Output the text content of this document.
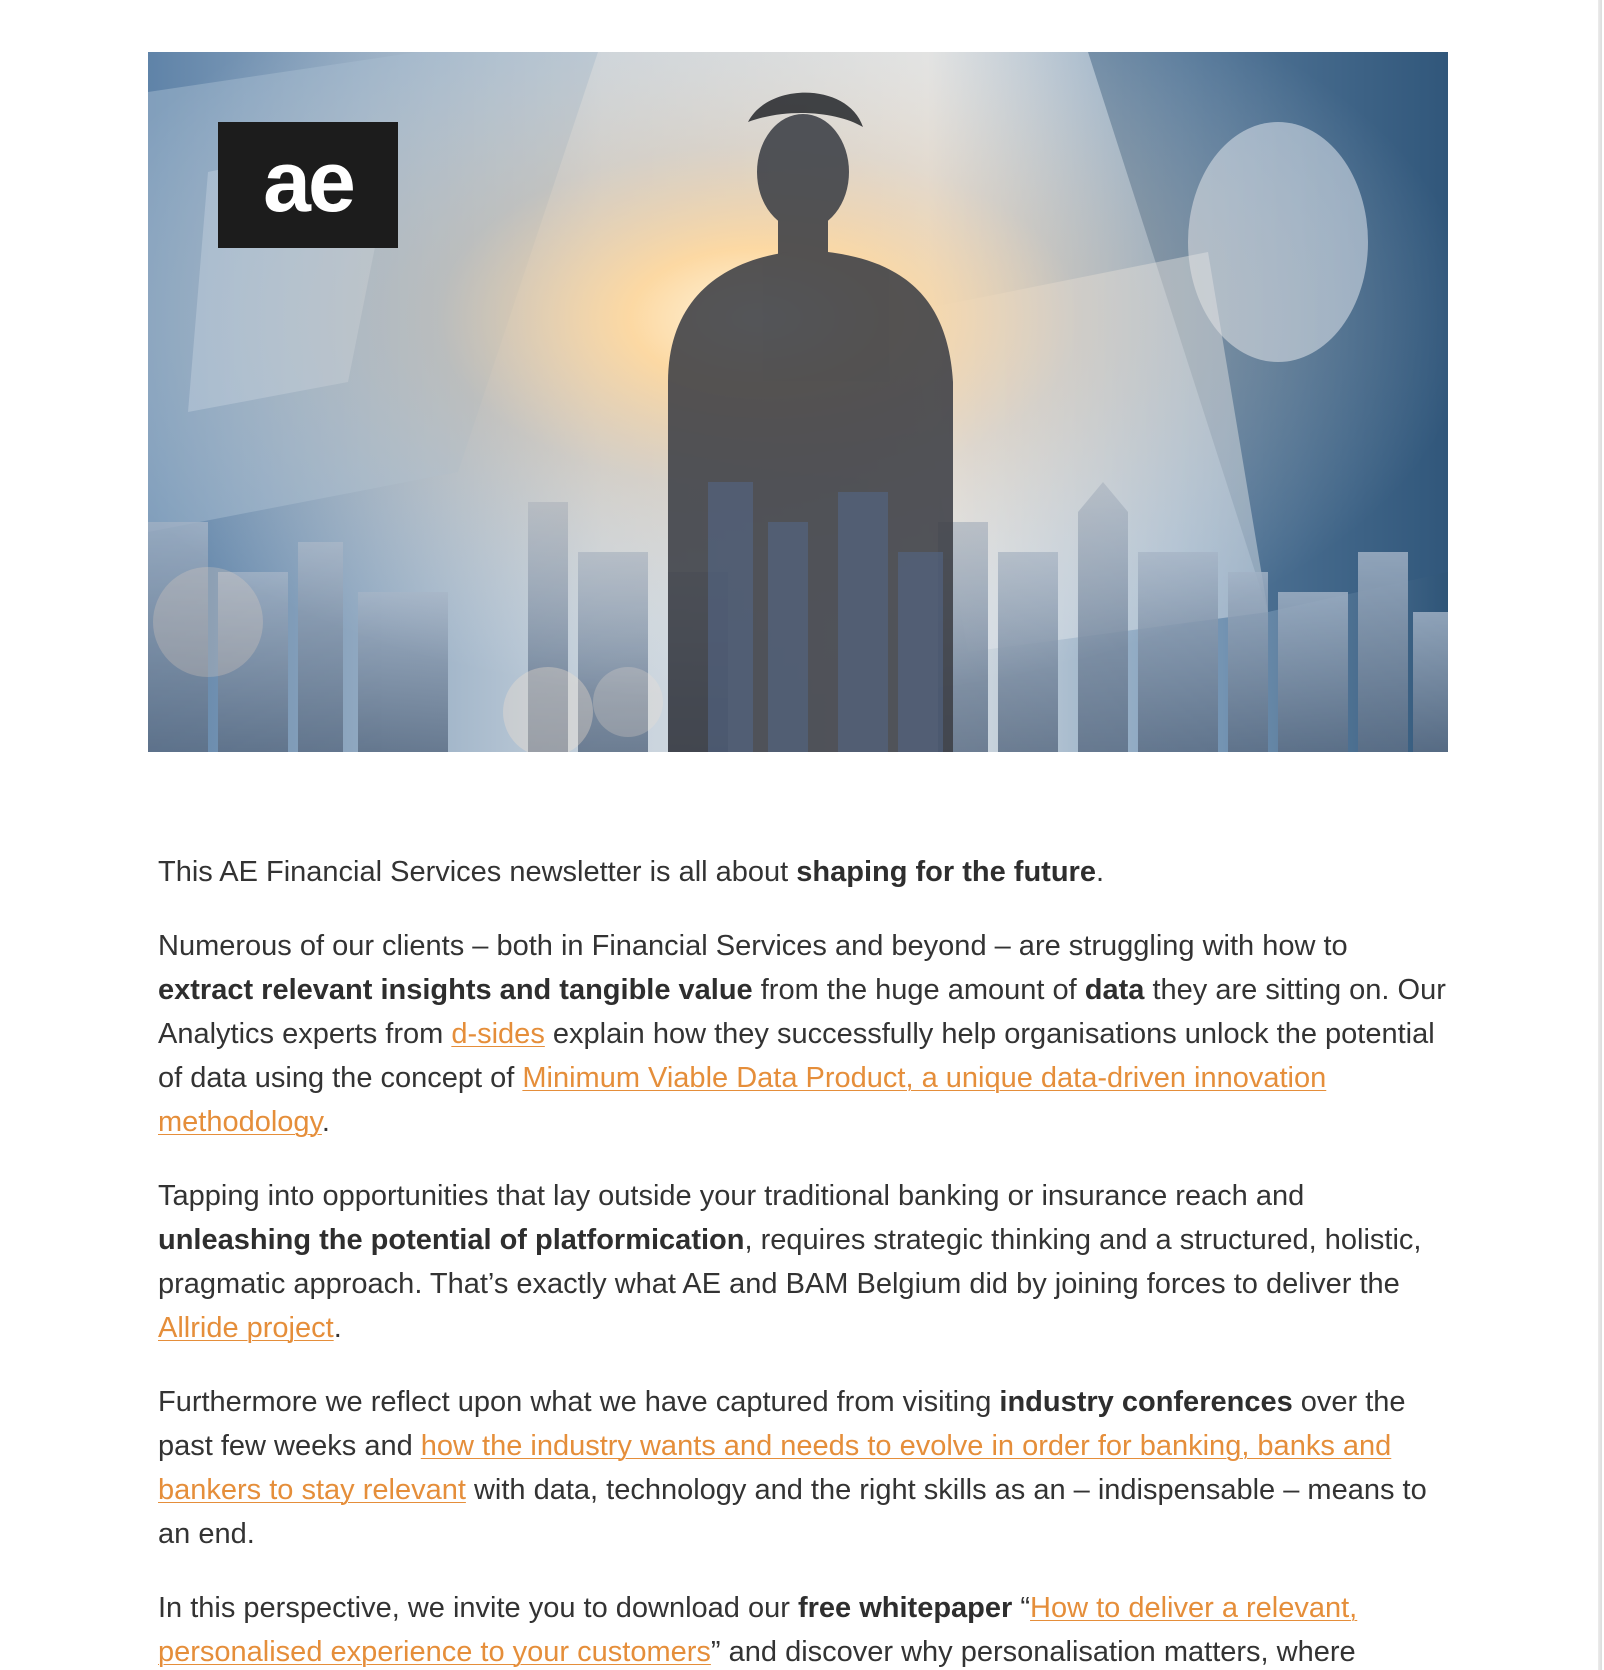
ae

This AE Financial Services newsletter is all about shaping for the future.

Numerous of our clients – both in Financial Services and beyond – are struggling with how to extract relevant insights and tangible value from the huge amount of data they are sitting on. Our Analytics experts from d-sides explain how they successfully help organisations unlock the potential of data using the concept of Minimum Viable Data Product, a unique data-driven innovation methodology.

Tapping into opportunities that lay outside your traditional banking or insurance reach and unleashing the potential of platformication, requires strategic thinking and a structured, holistic, pragmatic approach. That’s exactly what AE and BAM Belgium did by joining forces to deliver the Allride project.

Furthermore we reflect upon what we have captured from visiting industry conferences over the past few weeks and how the industry wants and needs to evolve in order for banking, banks and bankers to stay relevant with data, technology and the right skills as an – indispensable – means to an end.

In this perspective, we invite you to download our free whitepaper “How to deliver a relevant, personalised experience to your customers” and discover why personalisation matters, where
